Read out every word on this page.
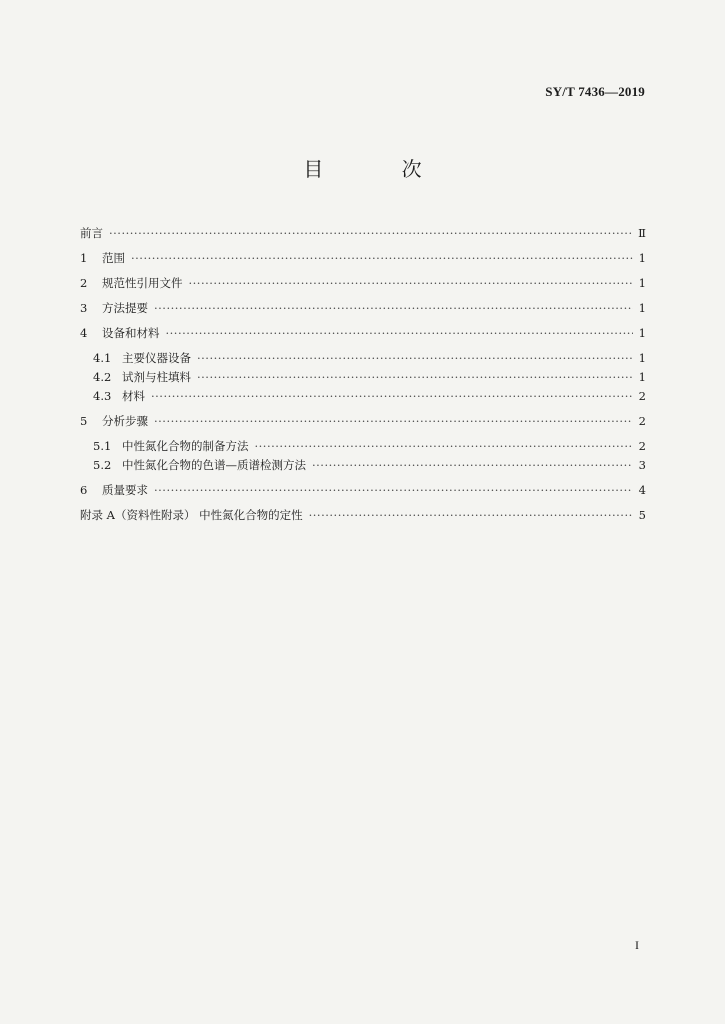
SY/T 7436—2019
目 次
前言 ·····	Ⅱ
1	范围 ·····	1
2	规范性引用文件 ·····	1
3	方法提要 ·····	1
4	设备和材料 ·····	1
4.1 主要仪器设备 ·····	1
4.2 试剂与柱填料 ·····	1
4.3 材料 ·····	2
5	分析步骤 ·····	2
5.1 中性氮化合物的制备方法 ·····	2
5.2 中性氮化合物的色谱—质谱检测方法 ·····	3
6	质量要求 ·····	4
附录 A（资料性附录） 中性氮化合物的定性 ·····	5
I
